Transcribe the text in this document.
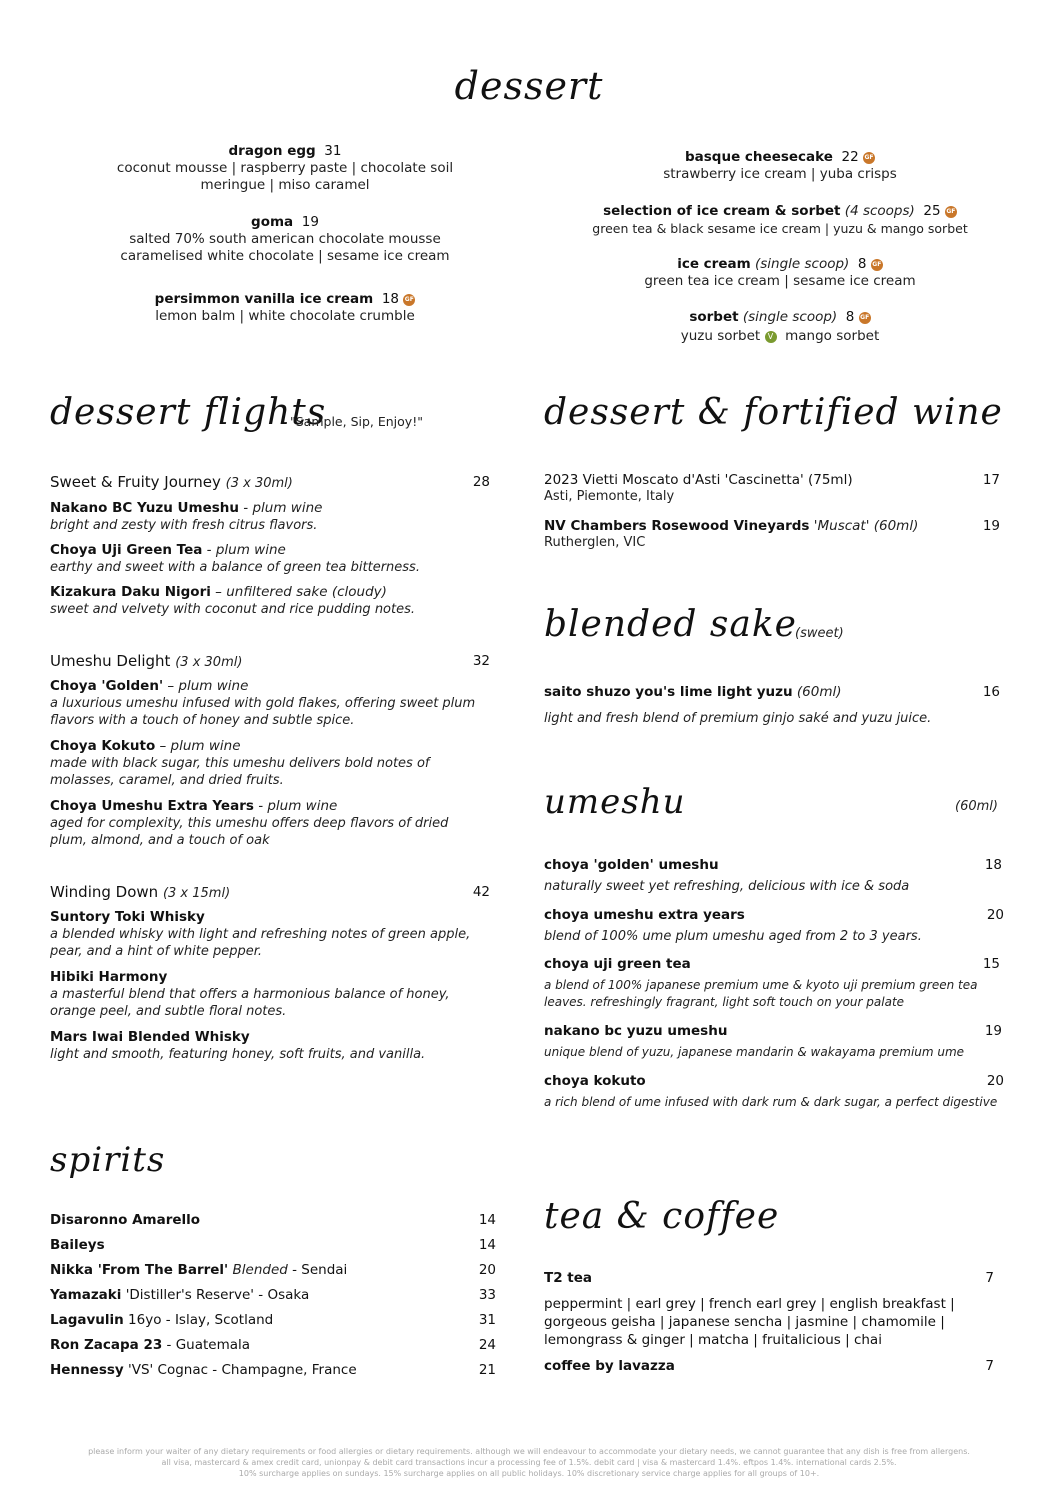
dessert
dragon egg 31
coconut mousse | raspberry paste | chocolate soil
meringue | miso caramel
goma 19
salted 70% south american chocolate mousse
caramelised white chocolate | sesame ice cream
persimmon vanilla ice cream 18 GF
lemon balm | white chocolate crumble
basque cheesecake 22 GF
strawberry ice cream | yuba crisps
selection of ice cream & sorbet (4 scoops) 25 GF
green tea & black sesame ice cream | yuzu & mango sorbet
ice cream (single scoop) 8 GF
green tea ice cream | sesame ice cream
sorbet (single scoop) 8 GF
yuzu sorbet V mango sorbet
dessert flights
"Sample, Sip, Enjoy!"
Sweet & Fruity Journey (3 x 30ml)	28
Nakano BC Yuzu Umeshu - plum wine
bright and zesty with fresh citrus flavors.
Choya Uji Green Tea - plum wine
earthy and sweet with a balance of green tea bitterness.
Kizakura Daku Nigori – unfiltered sake (cloudy)
sweet and velvety with coconut and rice pudding notes.
Umeshu Delight (3 x 30ml)	32
Choya 'Golden' – plum wine
a luxurious umeshu infused with gold flakes, offering sweet plum
flavors with a touch of honey and subtle spice.
Choya Kokuto – plum wine
made with black sugar, this umeshu delivers bold notes of
molasses, caramel, and dried fruits.
Choya Umeshu Extra Years - plum wine
aged for complexity, this umeshu offers deep flavors of dried
plum, almond, and a touch of oak
Winding Down (3 x 15ml)	42
Suntory Toki Whisky
a blended whisky with light and refreshing notes of green apple,
pear, and a hint of white pepper.
Hibiki Harmony
a masterful blend that offers a harmonious balance of honey,
orange peel, and subtle floral notes.
Mars Iwai Blended Whisky
light and smooth, featuring honey, soft fruits, and vanilla.
spirits
Disaronno Amarello	14
Baileys	14
Nikka 'From The Barrel' Blended - Sendai	20
Yamazaki 'Distiller's Reserve' - Osaka	33
Lagavulin 16yo - Islay, Scotland	31
Ron Zacapa 23 - Guatemala	24
Hennessy 'VS' Cognac - Champagne, France	21
dessert & fortified wine
2023 Vietti Moscato d'Asti 'Cascinetta' (75ml)	17
Asti, Piemonte, Italy
NV Chambers Rosewood Vineyards 'Muscat' (60ml)	19
Rutherglen, VIC
blended sake
(sweet)
saito shuzo you's lime light yuzu (60ml)	16
light and fresh blend of premium ginjo saké and yuzu juice.
umeshu	(60ml)
choya 'golden' umeshu	18
naturally sweet yet refreshing, delicious with ice & soda
choya umeshu extra years	20
blend of 100% ume plum umeshu aged from 2 to 3 years.
choya uji green tea	15
a blend of 100% japanese premium ume & kyoto uji premium green tea
leaves. refreshingly fragrant, light soft touch on your palate
nakano bc yuzu umeshu	19
unique blend of yuzu, japanese mandarin & wakayama premium ume
choya kokuto	20
a rich blend of ume infused with dark rum & dark sugar, a perfect digestive
tea & coffee
T2 tea	7
peppermint | earl grey | french earl grey | english breakfast |
gorgeous geisha | japanese sencha | jasmine | chamomile |
lemongrass & ginger | matcha | fruitalicious | chai
coffee by lavazza	7
please inform your waiter of any dietary requirements or food allergies or dietary requirements. although we will endeavour to accommodate your dietary needs, we cannot guarantee that any dish is free from allergens.
all visa, mastercard & amex credit card, unionpay & debit card transactions incur a processing fee of 1.5%. debit card | visa & mastercard 1.4%. eftpos 1.4%. international cards 2.5%.
10% surcharge applies on sundays. 15% surcharge applies on all public holidays. 10% discretionary service charge applies for all groups of 10+.
